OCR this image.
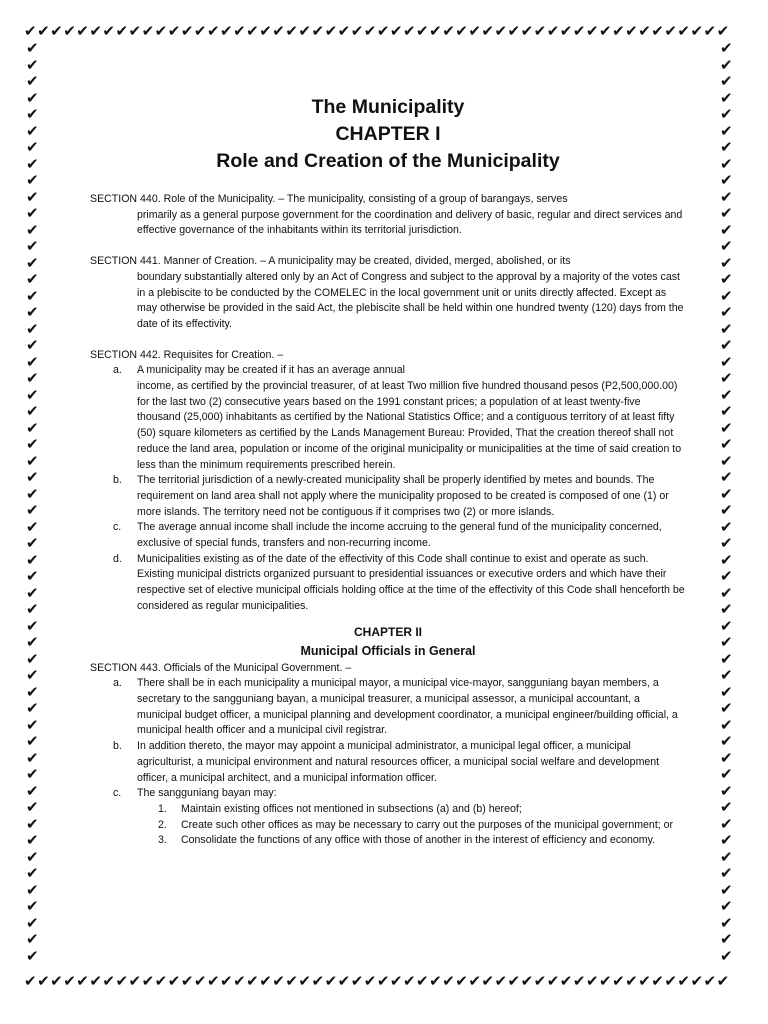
✔︎✔︎✔︎✔︎✔︎✔︎✔︎✔︎✔︎✔︎✔︎✔︎✔︎✔︎✔︎✔︎✔︎✔︎✔︎✔︎✔︎✔︎✔︎✔︎✔︎✔︎✔︎✔︎✔︎✔︎✔︎✔︎✔︎✔︎✔︎✔︎✔︎✔︎✔︎✔︎✔︎✔︎✔︎✔︎✔︎✔︎✔︎✔︎✔︎✔︎✔︎✔︎✔︎✔︎
✔︎✔︎✔︎✔︎✔︎✔︎✔︎✔︎✔︎✔︎✔︎✔︎✔︎✔︎✔︎✔︎✔︎✔︎✔︎✔︎✔︎✔︎✔︎✔︎✔︎✔︎✔︎✔︎✔︎✔︎✔︎✔︎✔︎✔︎✔︎✔︎✔︎✔︎✔︎✔︎✔︎✔︎✔︎✔︎✔︎✔︎✔︎✔︎✔︎✔︎✔︎✔︎✔︎✔︎
✔︎
✔︎
✔︎
✔︎
✔︎
✔︎
✔︎
✔︎
✔︎
✔︎
✔︎
✔︎
✔︎
✔︎
✔︎
✔︎
✔︎
✔︎
✔︎
✔︎
✔︎
✔︎
✔︎
✔︎
✔︎
✔︎
✔︎
✔︎
✔︎
✔︎
✔︎
✔︎
✔︎
✔︎
✔︎
✔︎
✔︎
✔︎
✔︎
✔︎
✔︎
✔︎
✔︎
✔︎
✔︎
✔︎
✔︎
✔︎
✔︎
✔︎
✔︎
✔︎
✔︎
✔︎
✔︎
✔︎
✔︎
✔︎
✔︎
✔︎
✔︎
✔︎
✔︎
✔︎
✔︎
✔︎
✔︎
✔︎
✔︎
✔︎
✔︎
✔︎
✔︎
✔︎
✔︎
✔︎
✔︎
✔︎
✔︎
✔︎
✔︎
✔︎
✔︎
✔︎
✔︎
✔︎
✔︎
✔︎
✔︎
✔︎
✔︎
✔︎
✔︎
✔︎
✔︎
✔︎
✔︎
✔︎
✔︎
✔︎
✔︎
✔︎
✔︎
✔︎
✔︎
✔︎
✔︎
✔︎
✔︎
✔︎
✔︎
✔︎

The Municipality

CHAPTER I

Role and Creation of the Municipality

SECTION 440. Role of the Municipality. – The municipality, consisting of a group of barangays, serves
primarily as a general purpose government for the coordination and delivery of basic, regular and direct services and effective governance of the inhabitants within its territorial jurisdiction.
SECTION 441. Manner of Creation. – A municipality may be created, divided, merged, abolished, or its
boundary substantially altered only by an Act of Congress and subject to the approval by a majority of the votes cast in a plebiscite to be conducted by the COMELEC in the local government unit or units directly affected. Except as may otherwise be provided in the said Act, the plebiscite shall be held within one hundred twenty (120) days from the date of its effectivity.
SECTION 442. Requisites for Creation. –
a. A municipality may be created if it has an average annual
income, as certified by the provincial treasurer, of at least Two million five hundred thousand pesos (P2,500,000.00) for the last two (2) consecutive years based on the 1991 constant prices; a population of at least twenty-five thousand (25,000) inhabitants as certified by the National Statistics Office; and a contiguous territory of at least fifty (50) square kilometers as certified by the Lands Management Bureau: Provided, That the creation thereof shall not reduce the land area, population or income of the original municipality or municipalities at the time of said creation to less than the minimum requirements prescribed herein.
b. The territorial jurisdiction of a newly-created municipality shall be properly identified by metes and bounds. The requirement on land area shall not apply where the municipality proposed to be created is composed of one (1) or more islands. The territory need not be contiguous if it comprises two (2) or more islands.
c. The average annual income shall include the income accruing to the general fund of the municipality concerned, exclusive of special funds, transfers and non-recurring income.
d. Municipalities existing as of the date of the effectivity of this Code shall continue to exist and operate as such. Existing municipal districts organized pursuant to presidential issuances or executive orders and which have their respective set of elective municipal officials holding office at the time of the effectivity of this Code shall henceforth be considered as regular municipalities.
CHAPTER II
Municipal Officials in General
SECTION 443. Officials of the Municipal Government. –
a. There shall be in each municipality a municipal mayor, a municipal vice-mayor, sangguniang bayan members, a secretary to the sangguniang bayan, a municipal treasurer, a municipal assessor, a municipal accountant, a municipal budget officer, a municipal planning and development coordinator, a municipal engineer/building official, a municipal health officer and a municipal civil registrar.
b. In addition thereto, the mayor may appoint a municipal administrator, a municipal legal officer, a municipal agriculturist, a municipal environment and natural resources officer, a municipal social welfare and development officer, a municipal architect, and a municipal information officer.
c. The sangguniang bayan may:
1. Maintain existing offices not mentioned in subsections (a) and (b) hereof;
2. Create such other offices as may be necessary to carry out the purposes of the municipal government; or
3. Consolidate the functions of any office with those of another in the interest of efficiency and economy.
